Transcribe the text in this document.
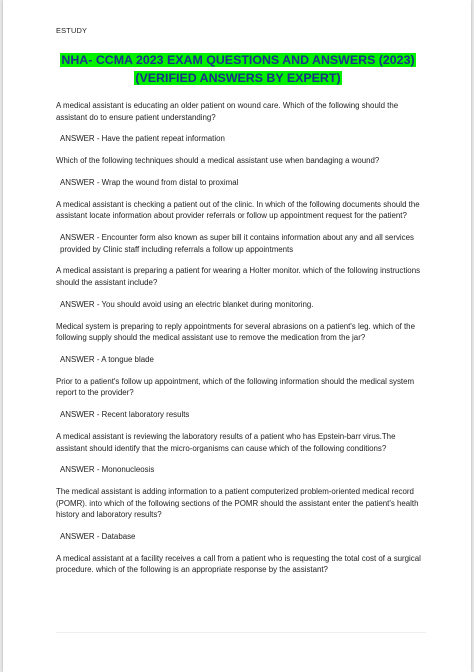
ESTUDY
NHA- CCMA 2023 EXAM QUESTIONS AND ANSWERS (2023)
(VERIFIED ANSWERS BY EXPERT)

A medical assistant is educating an older patient on wound care. Which of the following should the assistant do to ensure patient understanding?

ANSWER - Have the patient repeat information

Which of the following techniques should a medical assistant use when bandaging a wound?

ANSWER - Wrap the wound from distal to proximal

A medical assistant is checking a patient out of the clinic. In which of the following documents should the assistant locate information about provider referrals or follow up appointment request for the patient?

ANSWER - Encounter form also known as super bill it contains information about any and all services provided by Clinic staff including referrals a follow up appointments

A medical assistant is preparing a patient for wearing a Holter monitor. which of the following instructions should the assistant include?

ANSWER - You should avoid using an electric blanket during monitoring.

Medical system is preparing to reply appointments for several abrasions on a patient's leg. which of the following supply should the medical assistant use to remove the medication from the jar?

ANSWER - A tongue blade

Prior to a patient's follow up appointment, which of the following information should the medical system report to the provider?

ANSWER - Recent laboratory results

A medical assistant is reviewing the laboratory results of a patient who has Epstein-barr virus.The assistant should identify that the micro-organisms can cause which of the following conditions?

ANSWER - Mononucleosis

The medical assistant is adding information to a patient computerized problem-oriented medical record (POMR). into which of the following sections of the POMR should the assistant enter the patient's health history and laboratory results?

ANSWER - Database

A medical assistant at a facility receives a call from a patient who is requesting the total cost of a surgical procedure. which of the following is an appropriate response by the assistant?
